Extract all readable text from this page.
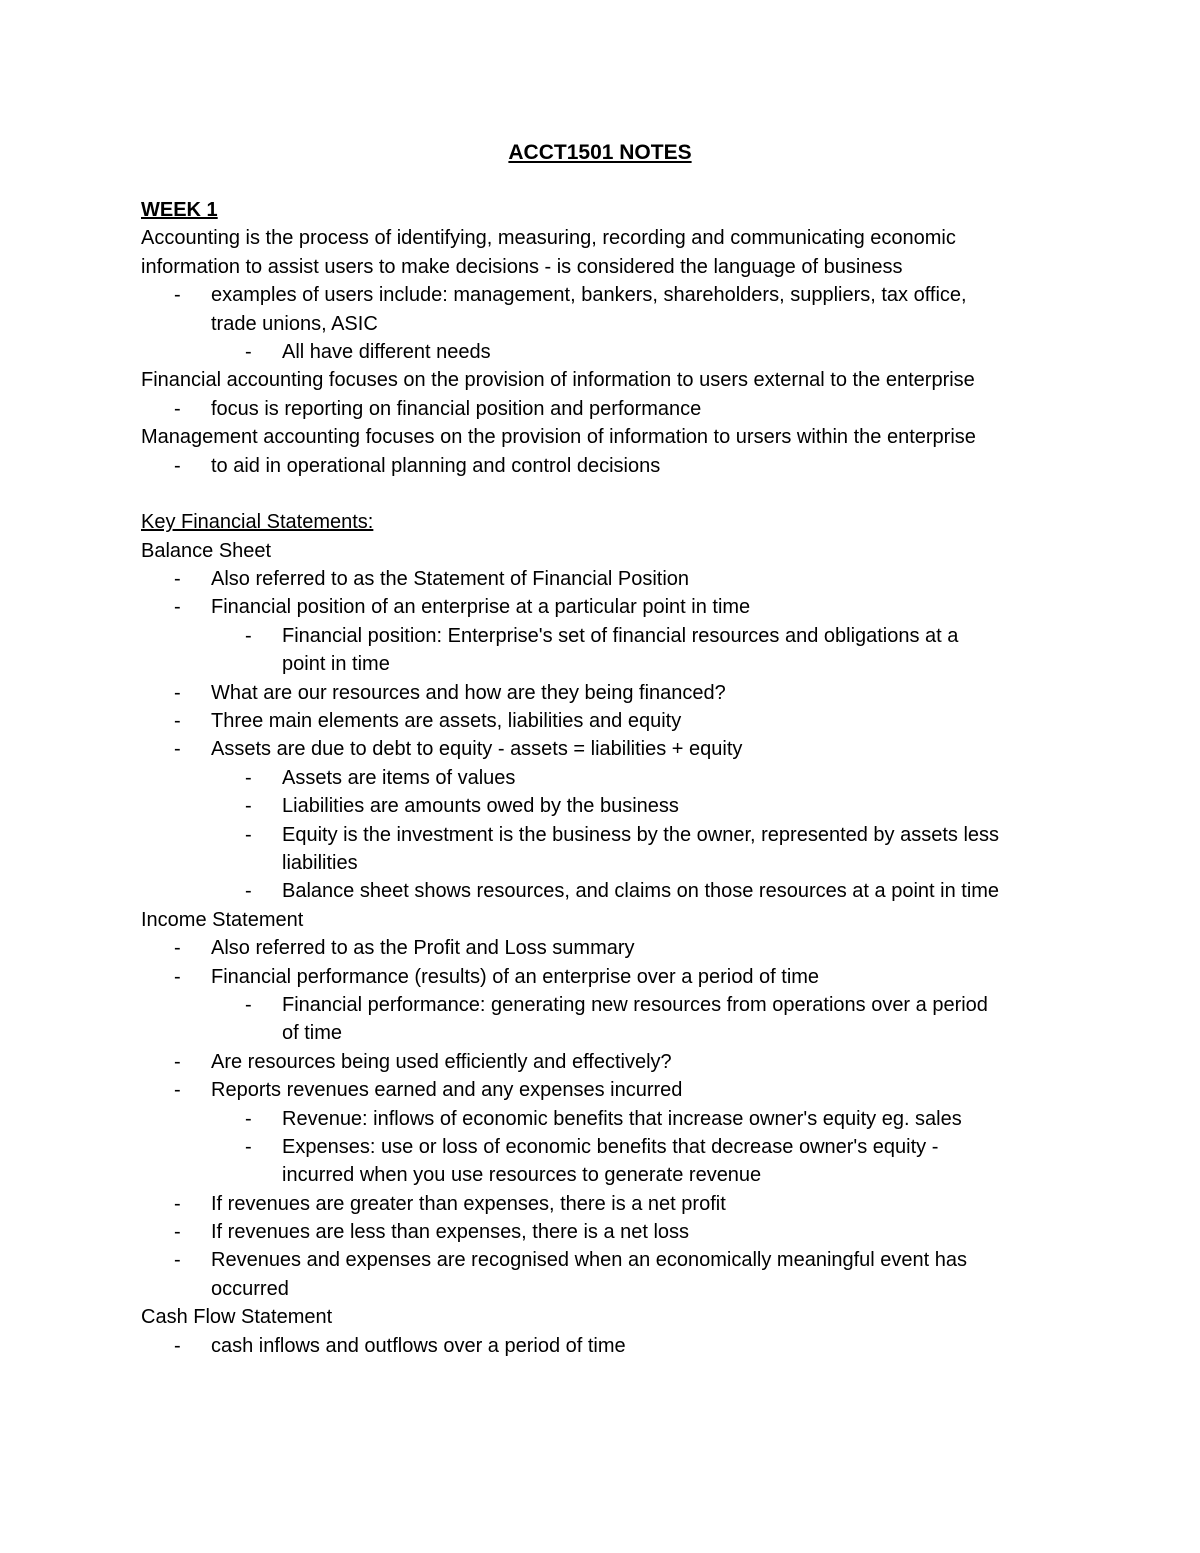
ACCT1501 NOTES
WEEK 1
Accounting is the process of identifying, measuring, recording and communicating economic
information to assist users to make decisions - is considered the language of business
- examples of users include: management, bankers, shareholders, suppliers, tax office,
trade unions, ASIC
- All have different needs
Financial accounting focuses on the provision of information to users external to the enterprise
- focus is reporting on financial position and performance
Management accounting focuses on the provision of information to ursers within the enterprise
- to aid in operational planning and control decisions
Key Financial Statements:
Balance Sheet
- Also referred to as the Statement of Financial Position
- Financial position of an enterprise at a particular point in time
- Financial position: Enterprise's set of financial resources and obligations at a
point in time
- What are our resources and how are they being financed?
- Three main elements are assets, liabilities and equity
- Assets are due to debt to equity - assets = liabilities + equity
- Assets are items of values
- Liabilities are amounts owed by the business
- Equity is the investment is the business by the owner, represented by assets less
liabilities
- Balance sheet shows resources, and claims on those resources at a point in time
Income Statement
- Also referred to as the Profit and Loss summary
- Financial performance (results) of an enterprise over a period of time
- Financial performance: generating new resources from operations over a period
of time
- Are resources being used efficiently and effectively?
- Reports revenues earned and any expenses incurred
- Revenue: inflows of economic benefits that increase owner's equity eg. sales
- Expenses: use or loss of economic benefits that decrease owner's equity -
incurred when you use resources to generate revenue
- If revenues are greater than expenses, there is a net profit
- If revenues are less than expenses, there is a net loss
- Revenues and expenses are recognised when an economically meaningful event has
occurred
Cash Flow Statement
- cash inflows and outflows over a period of time
